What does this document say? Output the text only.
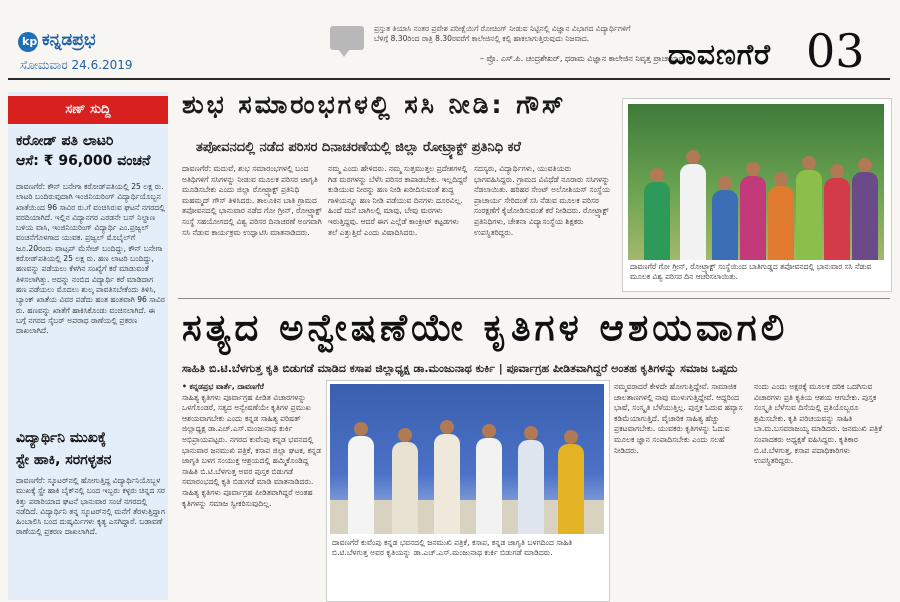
kp ಕನ್ನಡಪ್ರಭ
ಸೋಮವಾರ 24.6.2019
ಪ್ರಸ್ತುತ ತಿಯಾಸಿ ನಂತರ ಪ್ರವೇಶ ಪರೀಕ್ಷೆಯಿಗೆ ರೋಚಿಂಗ್ ನೀಡುವ ನಿಟ್ಟಿನಲ್ಲಿ ವಿಜ್ಞಾನ ವಿಭಾಗದ ವಿದ್ಯಾರ್ಥಿಗಳಿಗೆ ಬೆಳಿಗ್ಗೆ 8.30ರಿಂದ ರಾತ್ರಿ 8.30ರವರೆಗೆ ಕಾಲೇಜಿನಲ್ಲಿ ಕಲ್ಪಿ ಹಾಕಲಾಗುತ್ತಿರುವುದು ನಿಜವಾದ.
– ಪ್ರೊ. ಎಸ್.ಪಿ. ಚಂದ್ರಶೇಖರ್, ಧರಾಮ ವಿಜ್ಞಾನ ಕಾಲೇಜಿನ ನಿವೃತ್ತ ಪ್ರಾಚಾರ್ಯ
ದಾವಣಗೆರೆ 03
ಸಣ್ ಸುದ್ದಿ
ಕರೋಡ್ ಪತಿ ಲಾಟರಿ
ಆಸೆ: ₹ 96,000 ವಂಚನೆ
ದಾವಣಗೆರೆ: ಕೌನ್ ಬನೇಗಾ ಕರೋಡ್‌ಪತಿಯಲ್ಲಿ 25 ಲಕ್ಷ ರು. ಲಾಟರಿ ಬಂದಿರುವುದಾಗಿ ಇಂಜಿನಿಯರಿಂಗ್ ವಿದ್ಯಾರ್ಥಿಯೊಬ್ಬನ ಖಾತೆಯಿಂದ 96 ಸಾವಿರ ರು.ಗೆ ವಂಚಿಸಿರುವ ಘಟನೆ ನಗರದಲ್ಲಿ ವರದಿಯಾಗಿದೆ. ಇಲ್ಲಿನ ವಿದ್ಯಾನಗರ ಎರಡನೇ ಬಸ್ ನಿಲ್ದಾಣ ಬಳಿಯ ವಾಸಿ, ಇಂಜಿನಿಯರಿಂಗ್ ವಿದ್ಯಾರ್ಥಿ ಎಂ.ಪ್ರಜ್ವಲ್ ವಂಚನೆಗೊಳಗಾದ ಯುವಕ. ಪ್ರಜ್ವಲ್ ಮೊಬೈಲ್‌ಗೆ ಜೂ.20ರಂದು ವಾಟ್ಸಪ್ ಮೆಸೇಜ್ ಬಂದಿದ್ದು, ಕೌನ್ ಬನೇಗಾ ಕರೋಡ್‌ಪತಿಯಲ್ಲಿ 25 ಲಕ್ಷ ರು. ಹಣ ಲಾಟರಿ ಬಂದಿದ್ದು, ಹಣವನ್ನು ಪಡೆಯಲು ಕೆಳಗಿನ ಸಂಖ್ಯೆಗೆ ಕರೆ ಮಾಡುವಂತೆ ತಿಳಿಸಲಾಗಿತ್ತು. ಅದನ್ನು ನಂಬಿದ ವಿದ್ಯಾರ್ಥಿ ಕರೆ ಮಾಡಿದಾಗ ಹಣ ಪಡೆಯಲು ಮೊದಲು ಶುಲ್ಕ ಪಾವತಿಸಬೇಕೆಂದು ತಿಳಿಸಿ, ಬ್ಯಾಂಕ್ ಖಾತೆಯ ವಿವರ ಪಡೆದು ಹಂತ ಹಂತವಾಗಿ 96 ಸಾವಿರ ರು. ಹಣವನ್ನು ಖಾತೆಗೆ ಹಾಕಿಸಿಕೊಂಡು ವಂಚಿಸಲಾಗಿದೆ. ಈ ಬಗ್ಗೆ ನಗರದ ಸೈಬರ್ ಅಪರಾಧ ಠಾಣೆಯಲ್ಲಿ ಪ್ರಕರಣ ದಾಖಲಾಗಿದೆ.
ವಿದ್ಯಾರ್ಥಿನಿ ಮುಖಕ್ಕೆ
ಸ್ಟೇ ಹಾಕಿ, ಸರಗಳ್ಳತನ
ದಾವಣಗೆರೆ: ಸ್ಕೂಟರ್‌ನಲ್ಲಿ ಹೋಗುತ್ತಿದ್ದ ವಿದ್ಯಾರ್ಥಿನಿಯೊಬ್ಬಳ ಮುಖಕ್ಕೆ ಸ್ಪ್ರೇ ಹಾಕಿ ಬೈಕ್‌ನಲ್ಲಿ ಬಂದ ಇಬ್ಬರು ಕಳ್ಳರು ಚಿನ್ನದ ಸರ ಕಿತ್ತು ಪರಾರಿಯಾದ ಘಟನೆ ಭಾನುವಾರ ಸಂಜೆ ನಗರದಲ್ಲಿ ನಡೆದಿದೆ. ವಿದ್ಯಾರ್ಥಿನಿ ತನ್ನ ಸ್ಕೂಟರ್‌ನಲ್ಲಿ ಮನೆಗೆ ತೆರಳುತ್ತಿದ್ದಾಗ ಹಿಂಬಾಲಿಸಿ ಬಂದ ದುಷ್ಕರ್ಮಿಗಳು ಕೃತ್ಯ ಎಸಗಿದ್ದಾರೆ. ಬಡಾವಣೆ ಠಾಣೆಯಲ್ಲಿ ಪ್ರಕರಣ ದಾಖಲಾಗಿದೆ.
ಶುಭ ಸಮಾರಂಭಗಳಲ್ಲಿ ಸಸಿ ನೀಡಿ: ಗೌಸ್
ತಪೋವನದಲ್ಲಿ ನಡೆದ ಪರಿಸರ ದಿನಾಚರಣೆಯಲ್ಲಿ ಜಿಲ್ಲಾ ರೋಟ್ರ್ಯಾಕ್ಟ್ ಪ್ರತಿನಿಧಿ ಕರೆ
ದಾವಣಗೆರೆ: ಮದುವೆ, ಶುಭ ಸಮಾರಂಭಗಳಲ್ಲಿ ಬಂದ ಅತಿಥಿಗಳಿಗೆ ಸಸಿಗಳನ್ನು ನೀಡುವ ಮೂಲಕ ಪರಿಸರ ಜಾಗೃತಿ ಮೂಡಿಸಬೇಕು ಎಂದು ಜಿಲ್ಲಾ ರೋಟ್ರ್ಯಾಕ್ಟ್ ಪ್ರತಿನಿಧಿ ಮಹಮ್ಮದ್ ಗೌಸ್ ತಿಳಿಸಿದರು. ತಾಲೂಕಿನ ಬಾತಿ ಗ್ರಾಮದ ತಪೋವನದಲ್ಲಿ ಭಾನುವಾರ ನಡೆದ ಗೋ ಗ್ರೀನ್, ರೋಟ್ರ್ಯಾಕ್ಟ್ ಸಂಸ್ಥೆ ಸಹಯೋಗದಲ್ಲಿ ವಿಶ್ವ ಪರಿಸರ ದಿನಾಚರಣೆ ಅಂಗವಾಗಿ ಸಸಿ ನೆಡುವ ಕಾರ್ಯಕ್ರಮ ಉದ್ಘಾಟಿಸಿ ಮಾತನಾಡಿದರು.
ನಮ್ಮ ಎಂದು ಹೇಳಿದರು. ನಮ್ಮ ಸುತ್ತಮುತ್ತಲ ಪ್ರದೇಶಗಳಲ್ಲಿ ಗಿಡ ಮರಗಳನ್ನು ಬೆಳೆಸಿ ಪರಿಸರ ಕಾಪಾಡಬೇಕು. ಇಲ್ಲದಿದ್ದರೆ ಕುಡಿಯುವ ನೀರನ್ನು ಹಣ ನೀಡಿ ಖರೀದಿಸುವಂತೆ ಶುದ್ಧ ಗಾಳಿಯನ್ನೂ ಹಣ ನೀಡಿ ಪಡೆಯುವ ದಿನಗಳು ದೂರವಿಲ್ಲ. ಹಿಂದೆ ಮನೆ ಬಾಗಿಲಲ್ಲಿ ಮಾವು, ಬೇವು ಮರಗಳು ಇರುತ್ತಿದ್ದವು. ಆದರೆ ಈಗ ಎಲ್ಲೆಡೆ ಕಾಂಕ್ರೀಟ್ ಕಟ್ಟಡಗಳು ತಲೆ ಎತ್ತುತ್ತಿವೆ ಎಂದು ವಿಷಾದಿಸಿದರು.
ಸದಸ್ಯರು, ವಿದ್ಯಾರ್ಥಿಗಳು, ಯುವತಿಯರು ಭಾಗವಹಿಸಿದ್ದರು. ಗ್ರಾಮದ ವಿವಿಧೆಡೆ ನೂರಾರು ಸಸಿಗಳನ್ನು ನೆಡಲಾಯಿತು. ಹರಿಹರ ಸೇಂಟ್ ಅಲೋಶಿಯಸ್ ಸಂಸ್ಥೆಯ ಪ್ರಾಚಾರ್ಯ ಸೇರಿದಂತೆ ಸಸಿ ನೆಡುವ ಮೂಲಕ ಪರಿಸರ ಸಂರಕ್ಷಣೆಗೆ ಕೈಜೋಡಿಸುವಂತೆ ಕರೆ ನೀಡಿದರು. ರೋಟ್ರ್ಯಾಕ್ಟ್ ಪ್ರತಿನಿಧಿಗಳು, ಚೇತನಾ ವಿದ್ಯಾಸಂಸ್ಥೆಯ ಶಿಕ್ಷಕರು ಉಪಸ್ಥಿತರಿದ್ದರು.
ದಾವಣಗೆರೆ ಗೋ ಗ್ರೀನ್, ರೋಟ್ರ್ಯಾಕ್ಟ್ ಸಂಸ್ಥೆಯಿಂದ ಬಾತಿಗುಡ್ಡದ ತಪೋವನದಲ್ಲಿ ಭಾನುವಾರ ಸಸಿ ನೆಡುವ ಮೂಲಕ ವಿಶ್ವ ಪರಿಸರ ದಿನ ಆಚರಿಸಲಾಯಿತು.
ಸತ್ಯದ ಅನ್ವೇಷಣೆಯೇ ಕೃತಿಗಳ ಆಶಯವಾಗಲಿ
ಸಾಹಿತಿ ಬಿ.ಟಿ.ಬೆಳಗುತ್ತ ಕೃತಿ ಬಿಡುಗಡೆ ಮಾಡಿದ ಕಸಾಪ ಜಿಲ್ಲಾಧ್ಯಕ್ಷ ಡಾ.ಮಂಜುನಾಥ ಕುರ್ಕಿ | ಪೂರ್ವಾಗ್ರಹ ಪೀಡಿತವಾಗಿದ್ದರೆ ಅಂತಹ ಕೃತಿಗಳನ್ನು ಸಮಾಜ ಒಪ್ಪದು
• ಕನ್ನಡಪ್ರಭ ವಾರ್ತೆ, ದಾವಣಗೆರೆ
ಸಾಹಿತ್ಯ ಕೃತಿಗಳು ಪೂರ್ವಾಗ್ರಹ ಪೀಡಿತ ವಿಚಾರಗಳನ್ನು ಒಳಗೊಂಡರೆ, ಸತ್ಯದ ಅನ್ವೇಷಣೆಯೇ ಕೃತಿಗಳ ಪ್ರಮುಖ ಆಶಯವಾಗಬೇಕು ಎಂದು ಕನ್ನಡ ಸಾಹಿತ್ಯ ಪರಿಷತ್ ಜಿಲ್ಲಾಧ್ಯಕ್ಷ ಡಾ.ಎಚ್.ಎಸ್.ಮಂಜುನಾಥ ಕುರ್ಕಿ ಅಭಿಪ್ರಾಯಪಟ್ಟರು. ನಗರದ ಕುವೆಂಪು ಕನ್ನಡ ಭವನದಲ್ಲಿ ಭಾನುವಾರ ಜನಮುಖಿ ಪತ್ರಿಕೆ, ಕಸಾಪ ಜಿಲ್ಲಾ ಘಟಕ, ಕನ್ನಡ ಜಾಗೃತಿ ಬಳಗ ಸಂಯುಕ್ತ ಆಶ್ರಯದಲ್ಲಿ ಹಮ್ಮಿಕೊಂಡಿದ್ದ ಸಾಹಿತಿ ಬಿ.ಟಿ.ಬೆಳಗುತ್ತ ಅವರ ಪುಸ್ತಕ ಬಿಡುಗಡೆ ಸಮಾರಂಭದಲ್ಲಿ ಕೃತಿ ಬಿಡುಗಡೆ ಮಾಡಿ ಮಾತನಾಡಿದರು. ಸಾಹಿತ್ಯ ಕೃತಿಗಳು ಪೂರ್ವಾಗ್ರಹ ಪೀಡಿತವಾಗಿದ್ದರೆ ಅಂತಹ ಕೃತಿಗಳನ್ನು ಸಮಾಜ ಸ್ವೀಕರಿಸುವುದಿಲ್ಲ.
ದಾವಣಗೆರೆ ಕುವೆಂಪು ಕನ್ನಡ ಭವನದಲ್ಲಿ ಜನಮುಖಿ ಪತ್ರಿಕೆ, ಕಸಾಪ, ಕನ್ನಡ ಜಾಗೃತಿ ಬಳಗದಿಂದ ಸಾಹಿತಿ ಬಿ.ಟಿ.ಬೆಳಗುತ್ತ ಅವರ ಕೃತಿಯನ್ನು ಡಾ.ಎಚ್.ಎಸ್.ಮಂಜುನಾಥ ಕುರ್ಕಿ ಬಿಡುಗಡೆ ಮಾಡಿದರು.
ನಮ್ಮವರಾದರೆ ಕೇಳದೇ ಹೋಗುತ್ತಿದ್ದೇವೆ. ಸಾಮಾಜಿಕ ಜಾಲತಾಣಗಳಲ್ಲಿ ನಾವು ಮುಳುಗುತ್ತಿದ್ದೇವೆ. ಆದ್ದರಿಂದ ಭಾಷೆ, ಸಂಸ್ಕೃತಿ ಬೆಳೆಯುತ್ತಿಲ್ಲ. ಪುಸ್ತಕ ಓದುವ ಹವ್ಯಾಸ ಕಡಿಮೆಯಾಗುತ್ತಿದೆ. ವೈಚಾರಿಕ ಸಾಹಿತ್ಯ ಹೆಚ್ಚು ಪ್ರಕಟವಾಗಬೇಕು. ಯುವಕರು ಕೃತಿಗಳನ್ನು ಓದುವ ಮೂಲಕ ಜ್ಞಾನ ಸಂಪಾದಿಸಬೇಕು ಎಂದು ಸಲಹೆ ನೀಡಿದರು.
ನಂದು ಎಂದು ಅಕ್ಷರಕ್ಕೆ ಮೂಲಕ ದರಿಕ ಒದಗಿಸುವ ವಿಚಾರಗಳು ಪ್ರತಿ ಕೃತಿಯ ಆಶಯ ಆಗಬೇಕು. ಪುಸ್ತಕ ಸಂಸ್ಕೃತಿ ಬೆಳೆಸುವ ದಿಸೆಯಲ್ಲಿ ಪ್ರತಿಯೊಬ್ಬರೂ ಶ್ರಮಿಸಬೇಕು. ಕೃತಿ ಪರಿಚಯವನ್ನು ಸಾಹಿತಿ ಬಾ.ಮ.ಬಸವರಾಜಯ್ಯ ಮಾಡಿದರು. ಜನಮುಖಿ ಪತ್ರಿಕೆ ಸಂಪಾದಕರು ಅಧ್ಯಕ್ಷತೆ ವಹಿಸಿದ್ದರು. ಕೃತಿಕಾರ ಬಿ.ಟಿ.ಬೆಳಗುತ್ತ, ಕಸಾಪ ಪದಾಧಿಕಾರಿಗಳು ಉಪಸ್ಥಿತರಿದ್ದರು.
